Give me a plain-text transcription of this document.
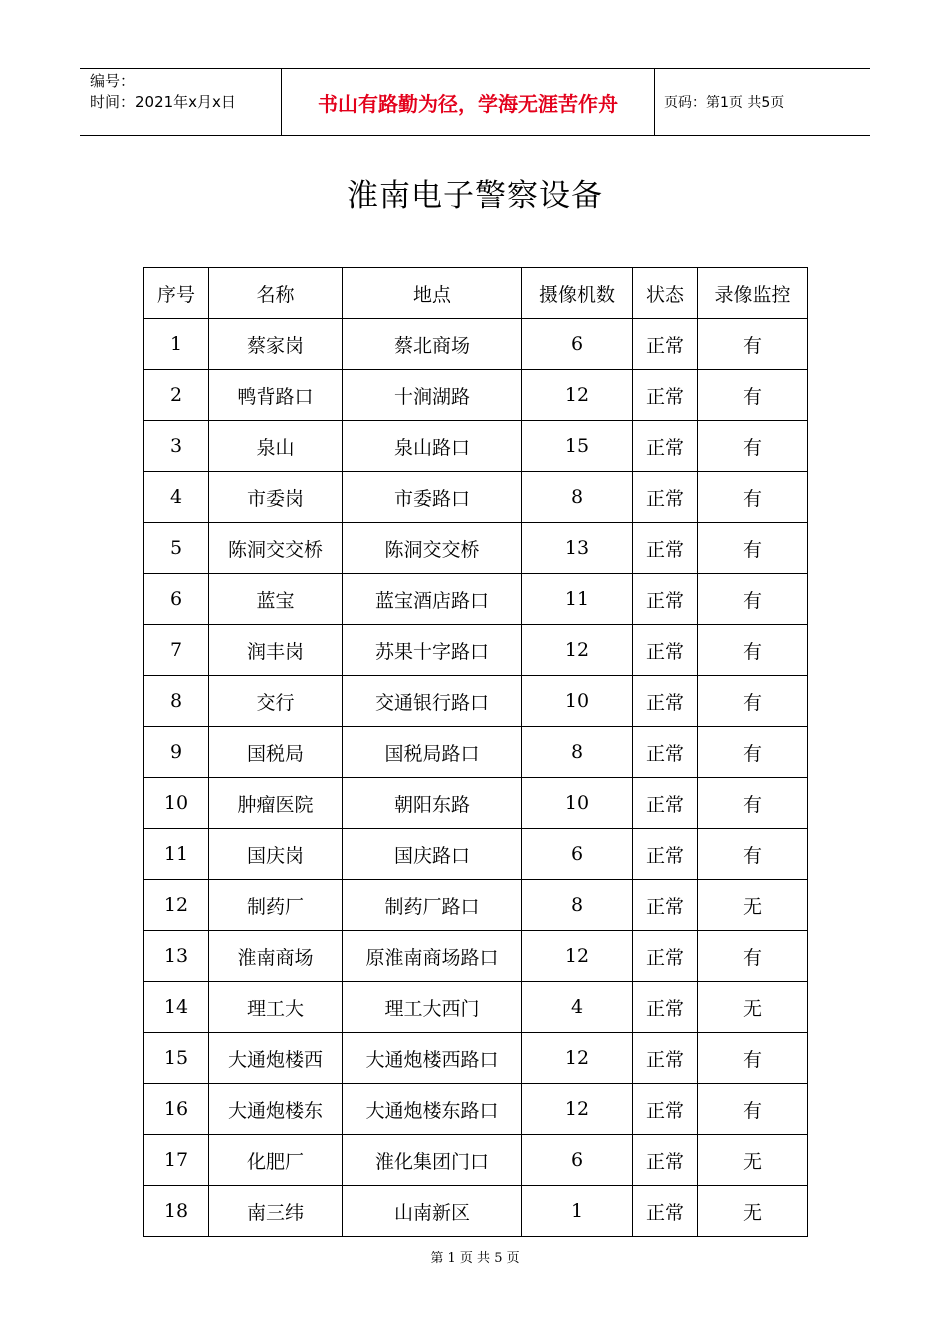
编号：
时间：2021年x月x日	书山有路勤为径，学海无涯苦作舟	页码：第1页 共5页
淮南电子警察设备
序号	名称	地点	摄像机数	状态	录像监控
1	蔡家岗	蔡北商场	6	正常	有
2	鸭背路口	十涧湖路	12	正常	有
3	泉山	泉山路口	15	正常	有
4	市委岗	市委路口	8	正常	有
5	陈洞交交桥	陈洞交交桥	13	正常	有
6	蓝宝	蓝宝酒店路口	11	正常	有
7	润丰岗	苏果十字路口	12	正常	有
8	交行	交通银行路口	10	正常	有
9	国税局	国税局路口	8	正常	有
10	肿瘤医院	朝阳东路	10	正常	有
11	国庆岗	国庆路口	6	正常	有
12	制药厂	制药厂路口	8	正常	无
13	淮南商场	原淮南商场路口	12	正常	有
14	理工大	理工大西门	4	正常	无
15	大通炮楼西	大通炮楼西路口	12	正常	有
16	大通炮楼东	大通炮楼东路口	12	正常	有
17	化肥厂	淮化集团门口	6	正常	无
18	南三纬	山南新区	1	正常	无
第 1 页 共 5 页
